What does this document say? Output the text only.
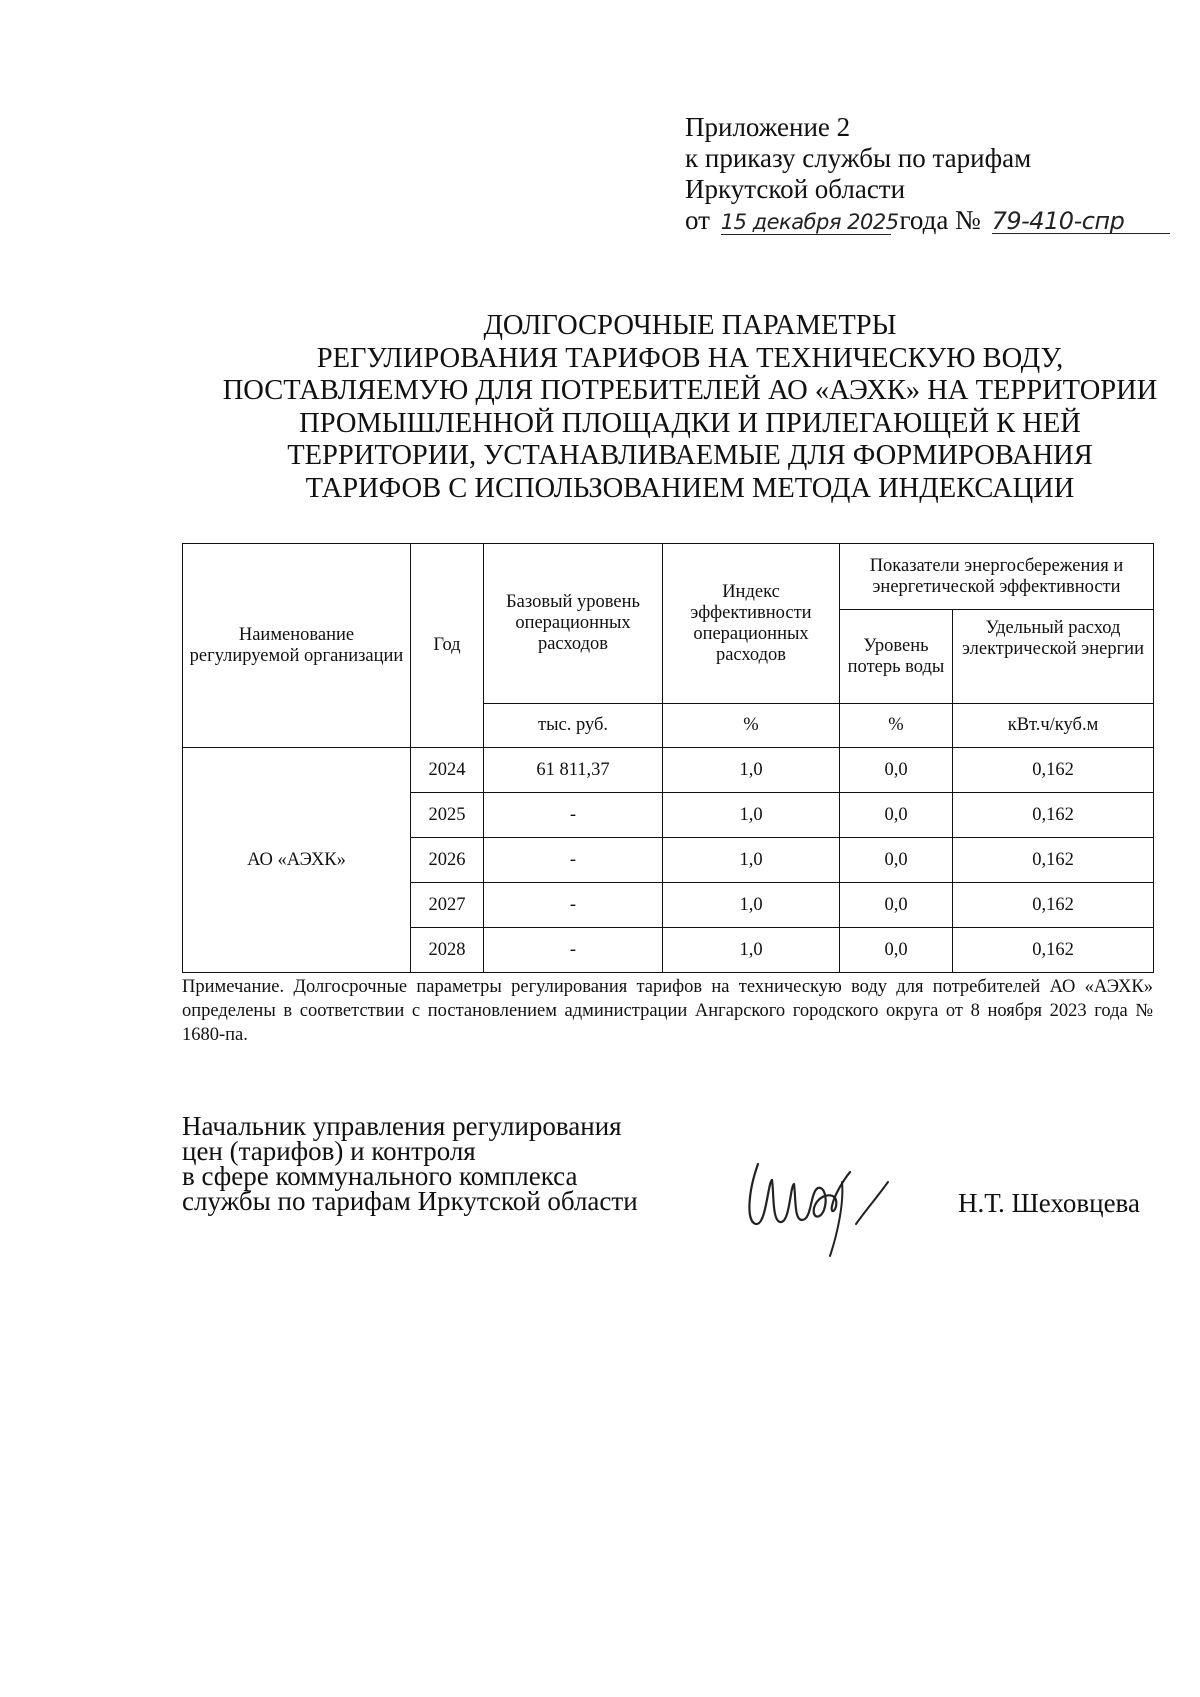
Приложение 2
к приказу службы по тарифам
Иркутской области
от 15 декабря 2025 года № 79-410-спр
ДОЛГОСРОЧНЫЕ ПАРАМЕТРЫ
РЕГУЛИРОВАНИЯ ТАРИФОВ НА ТЕХНИЧЕСКУЮ ВОДУ,
ПОСТАВЛЯЕМУЮ ДЛЯ ПОТРЕБИТЕЛЕЙ АО «АЭХК» НА ТЕРРИТОРИИ
ПРОМЫШЛЕННОЙ ПЛОЩАДКИ И ПРИЛЕГАЮЩЕЙ К НЕЙ
ТЕРРИТОРИИ, УСТАНАВЛИВАЕМЫЕ ДЛЯ ФОРМИРОВАНИЯ
ТАРИФОВ С ИСПОЛЬЗОВАНИЕМ МЕТОДА ИНДЕКСАЦИИ
Наименование регулируемой организации	Год	Базовый уровень операционных расходов	Индекс эффективности операционных расходов	Показатели энергосбережения и энергетической эффективности	
				Уровень потерь воды	Удельный расход электрической энергии
		тыс. руб.	%	%	кВт.ч/куб.м
АО «АЭХК»	2024	61 811,37	1,0	0,0	0,162
	2025	-	1,0	0,0	0,162
	2026	-	1,0	0,0	0,162
	2027	-	1,0	0,0	0,162
	2028	-	1,0	0,0	0,162
Примечание. Долгосрочные параметры регулирования тарифов на техническую воду для потребителей АО «АЭХК» определены в соответствии с постановлением администрации Ангарского городского округа от 8 ноября 2023 года № 1680-па.
Начальник управления регулирования
цен (тарифов) и контроля
в сфере коммунального комплекса
службы по тарифам Иркутской области	Н.Т. Шеховцева
